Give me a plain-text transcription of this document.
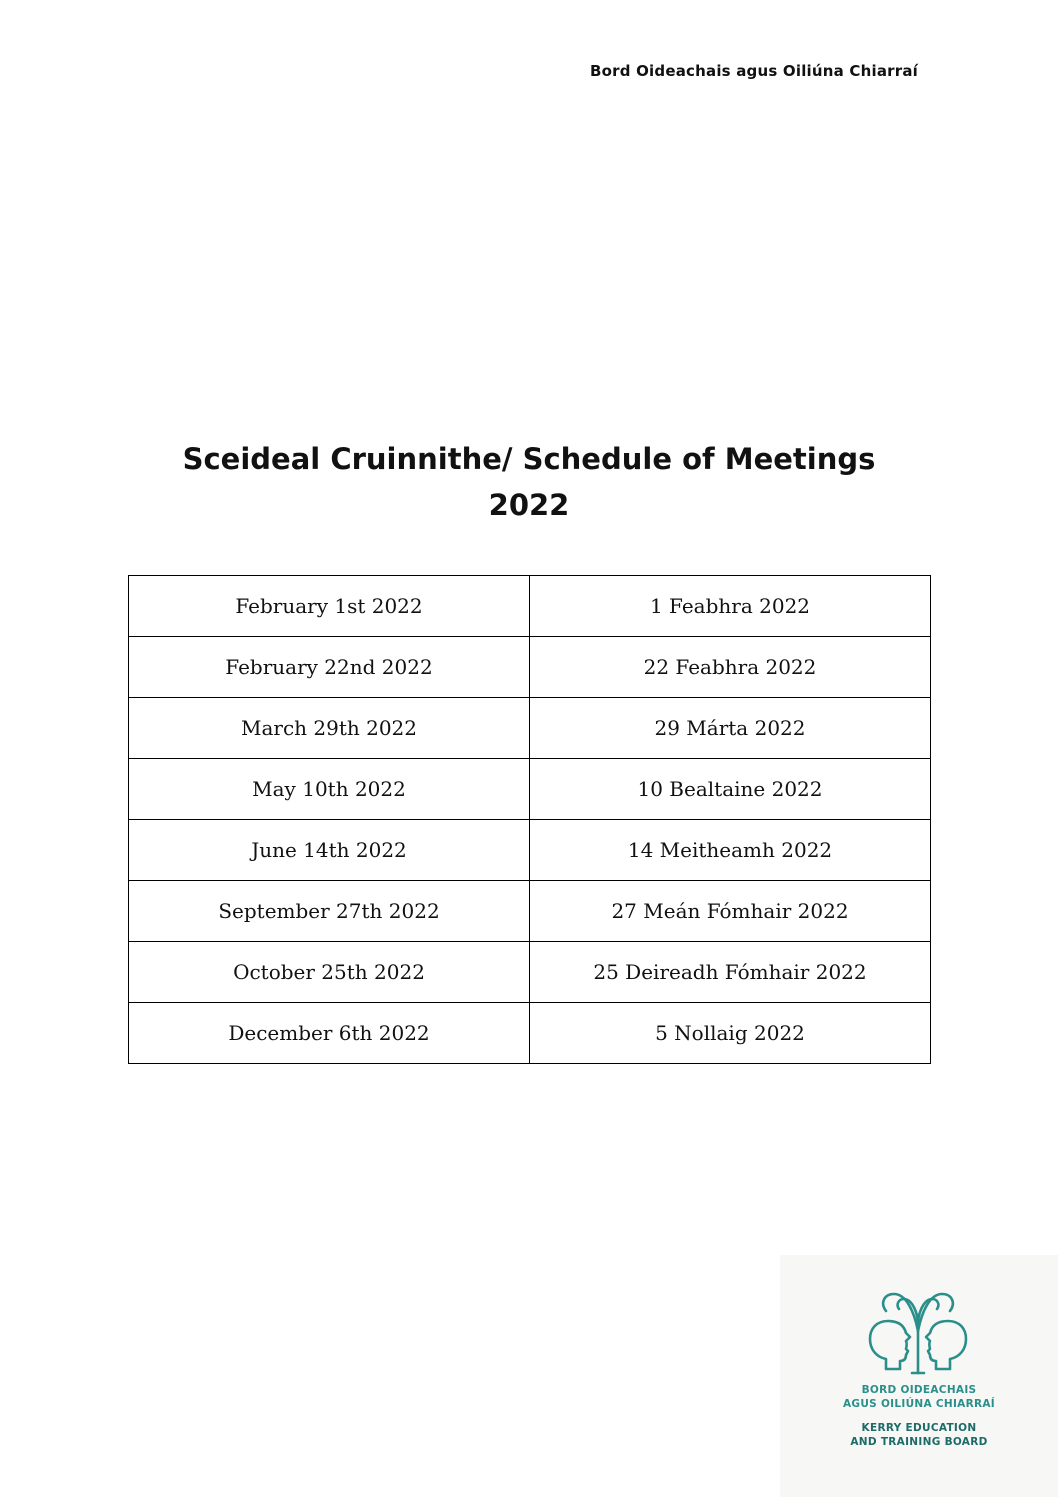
Bord Oideachais agus Oiliúna Chiarraí
Sceideal Cruinnithe/ Schedule of Meetings
2022
February 1st 2022	1 Feabhra 2022
February 22nd 2022	22 Feabhra 2022
March 29th 2022	29 Márta 2022
May 10th 2022	10 Bealtaine 2022
June 14th 2022	14 Meitheamh 2022
September 27th 2022	27 Meán Fómhair 2022
October 25th 2022	25 Deireadh Fómhair 2022
December 6th 2022	5 Nollaig 2022
BORD OIDEACHAIS
AGUS OILIÚNA CHIARRAÍ
KERRY EDUCATION
AND TRAINING BOARD
